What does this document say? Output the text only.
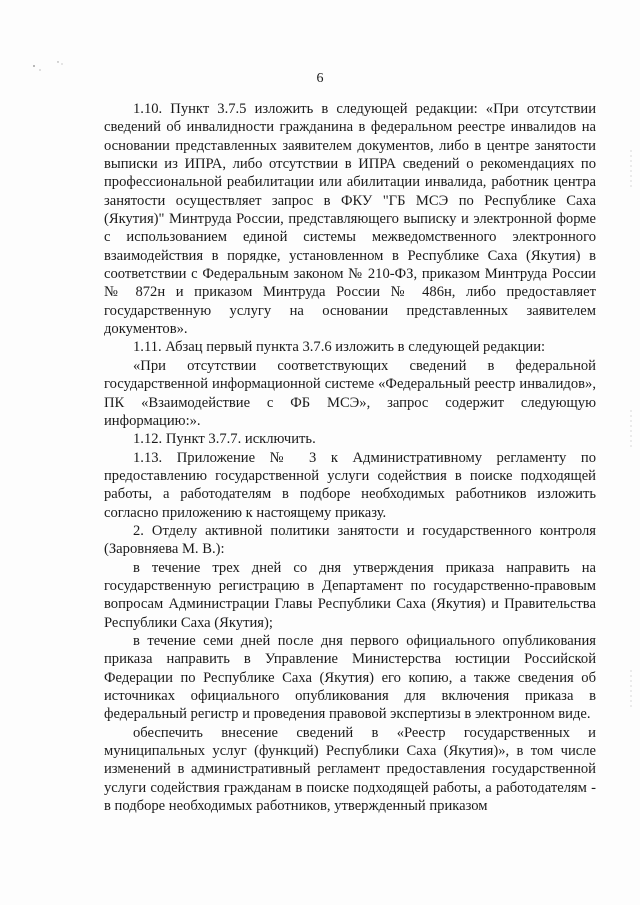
6

1.10. Пункт 3.7.5 изложить в следующей редакции: «При отсутствии сведений об инвалидности гражданина в федеральном реестре инвалидов на основании представленных заявителем документов, либо в центре занятости выписки из ИПРА, либо отсутствии в ИПРА сведений о рекомендациях по профессиональной реабилитации или абилитации инвалида, работник центра занятости осуществляет запрос в ФКУ "ГБ МСЭ по Республике Саха (Якутия)" Минтруда России, представляющего выписку и электронной форме с использованием единой системы межведомственного электронного взаимодействия в порядке, установленном в Республике Саха (Якутия) в соответствии с Федеральным законом № 210-ФЗ, приказом Минтруда России № 872н и приказом Минтруда России № 486н, либо предоставляет государственную услугу на основании представленных заявителем документов».

1.11. Абзац первый пункта 3.7.6 изложить в следующей редакции:

«При отсутствии соответствующих сведений в федеральной государственной информационной системе «Федеральный реестр инвалидов», ПК «Взаимодействие с ФБ МСЭ», запрос содержит следующую информацию:».

1.12. Пункт 3.7.7. исключить.

1.13. Приложение № 3 к Административному регламенту по предоставлению государственной услуги содействия в поиске подходящей работы, а работодателям в подборе необходимых работников изложить согласно приложению к настоящему приказу.

2. Отделу активной политики занятости и государственного контроля (Заровняева М. В.):

в течение трех дней со дня утверждения приказа направить на государственную регистрацию в Департамент по государственно-правовым вопросам Администрации Главы Республики Саха (Якутия) и Правительства Республики Саха (Якутия);

в течение семи дней после дня первого официального опубликования приказа направить в Управление Министерства юстиции Российской Федерации по Республике Саха (Якутия) его копию, а также сведения об источниках официального опубликования для включения приказа в федеральный регистр и проведения правовой экспертизы в электронном виде.

обеспечить внесение сведений в «Реестр государственных и муниципальных услуг (функций) Республики Саха (Якутия)», в том числе изменений в административный регламент предоставления государственной услуги содействия гражданам в поиске подходящей работы, а работодателям - в подборе необходимых работников, утвержденный приказом
